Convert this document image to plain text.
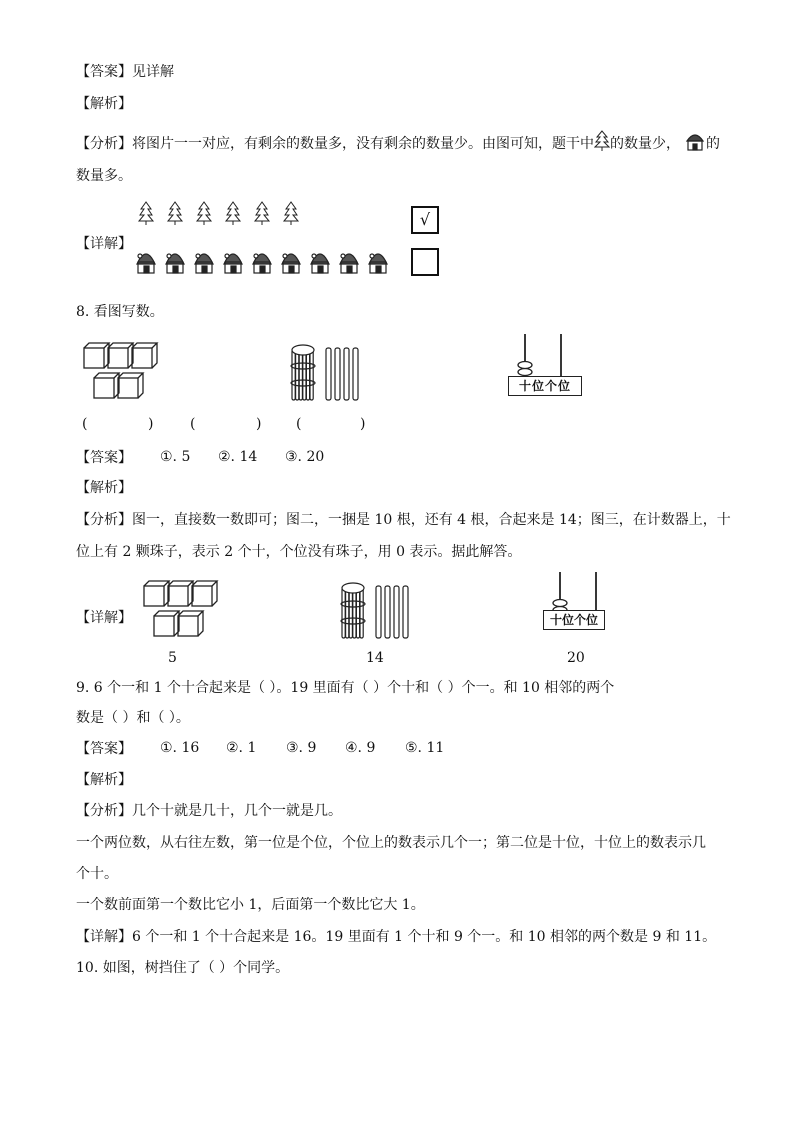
【答案】见详解
【解析】
【分析】将图片一一对应，有剩余的数量多，没有剩余的数量少。由图可知，题干中 的数量少， 的
数量多。
【详解】
√
8. 看图写数。
十位个位
(	)	(	) (	)
【答案】 ①. 5 ②. 14 ③. 20
【解析】
【分析】图一，直接数一数即可；图二，一捆是 10 根，还有 4 根，合起来是 14；图三，在计数器上，十
位上有 2 颗珠子，表示 2 个十，个位没有珠子，用 0 表示。据此解答。
【详解】	十位个位
5	14	20
9. 6 个一和 1 个十合起来是（ ）。19 里面有（ ）个十和（ ）个一。和 10 相邻的两个
数是（ ）和（ ）。
【答案】 ①. 16 ②. 1 ③. 9 ④. 9 ⑤. 11
【解析】
【分析】几个十就是几十，几个一就是几。
一个两位数，从右往左数，第一位是个位，个位上的数表示几个一；第二位是十位，十位上的数表示几
个十。
一个数前面第一个数比它小 1，后面第一个数比它大 1。
【详解】6 个一和 1 个十合起来是 16。19 里面有 1 个十和 9 个一。和 10 相邻的两个数是 9 和 11。
10. 如图，树挡住了（ ）个同学。
